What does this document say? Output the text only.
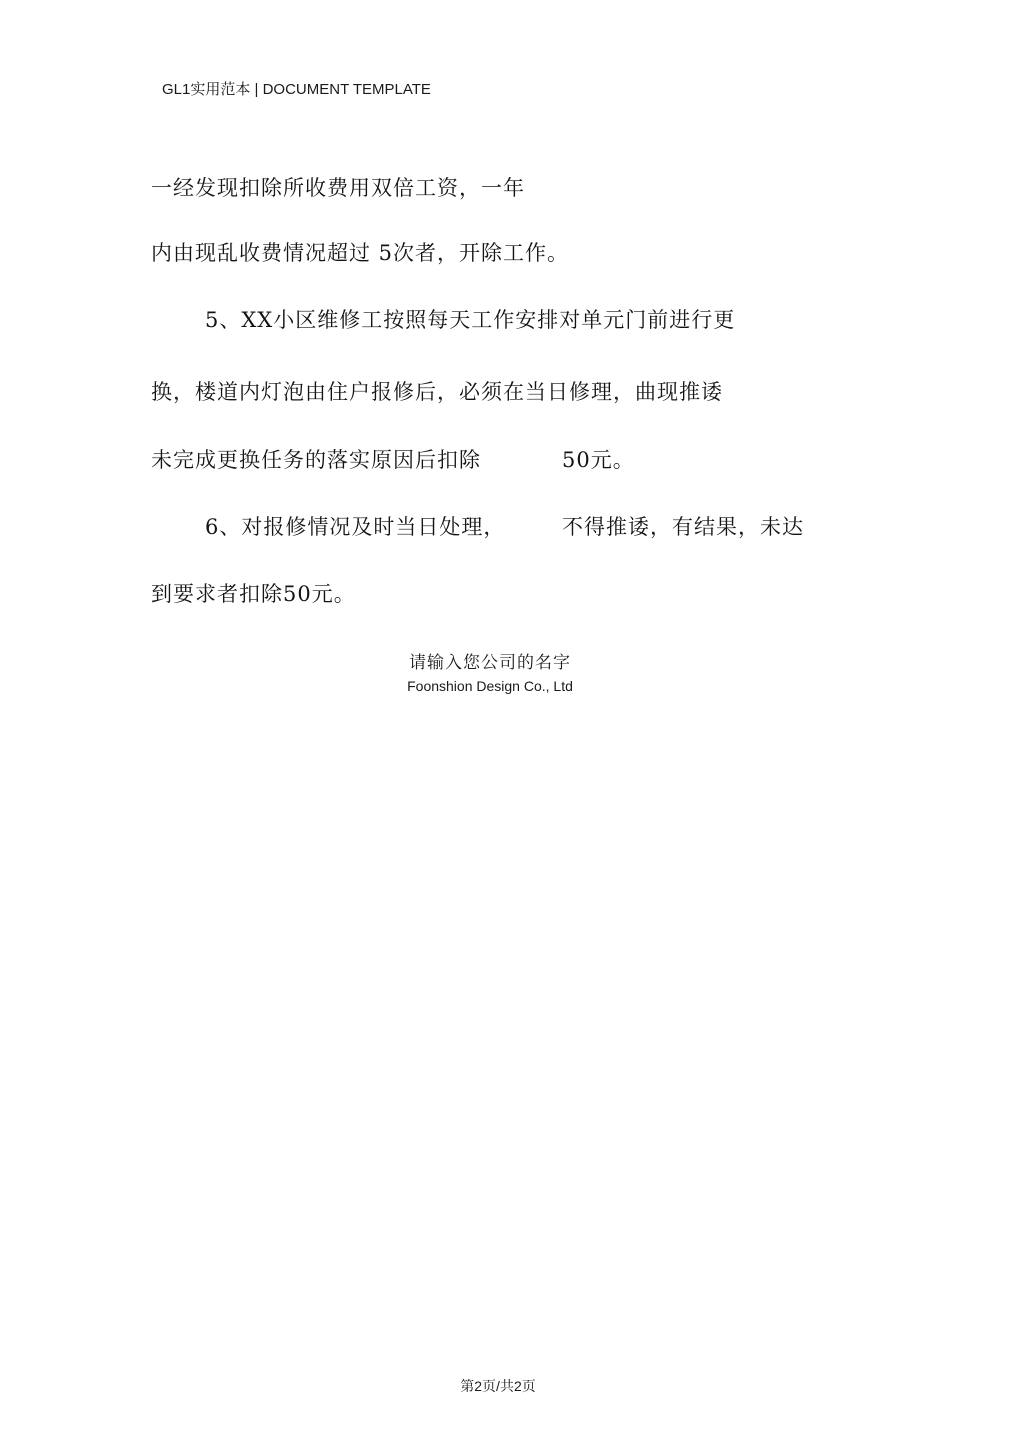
GL1实用范本 | DOCUMENT TEMPLATE
一经发现扣除所收费用双倍工资，一年
内由现乱收费情况超过 5次者，开除工作。
5、XX小区维修工按照每天工作安排对单元门前进行更
换，楼道内灯泡由住户报修后，必须在当日修理，曲现推诿
未完成更换任务的落实原因后扣除	50元。
6、对报修情况及时当日处理，	不得推诿，有结果，未达
到要求者扣除50元。
请输入您公司的名字
Foonshion Design Co., Ltd
第2页/共2页
